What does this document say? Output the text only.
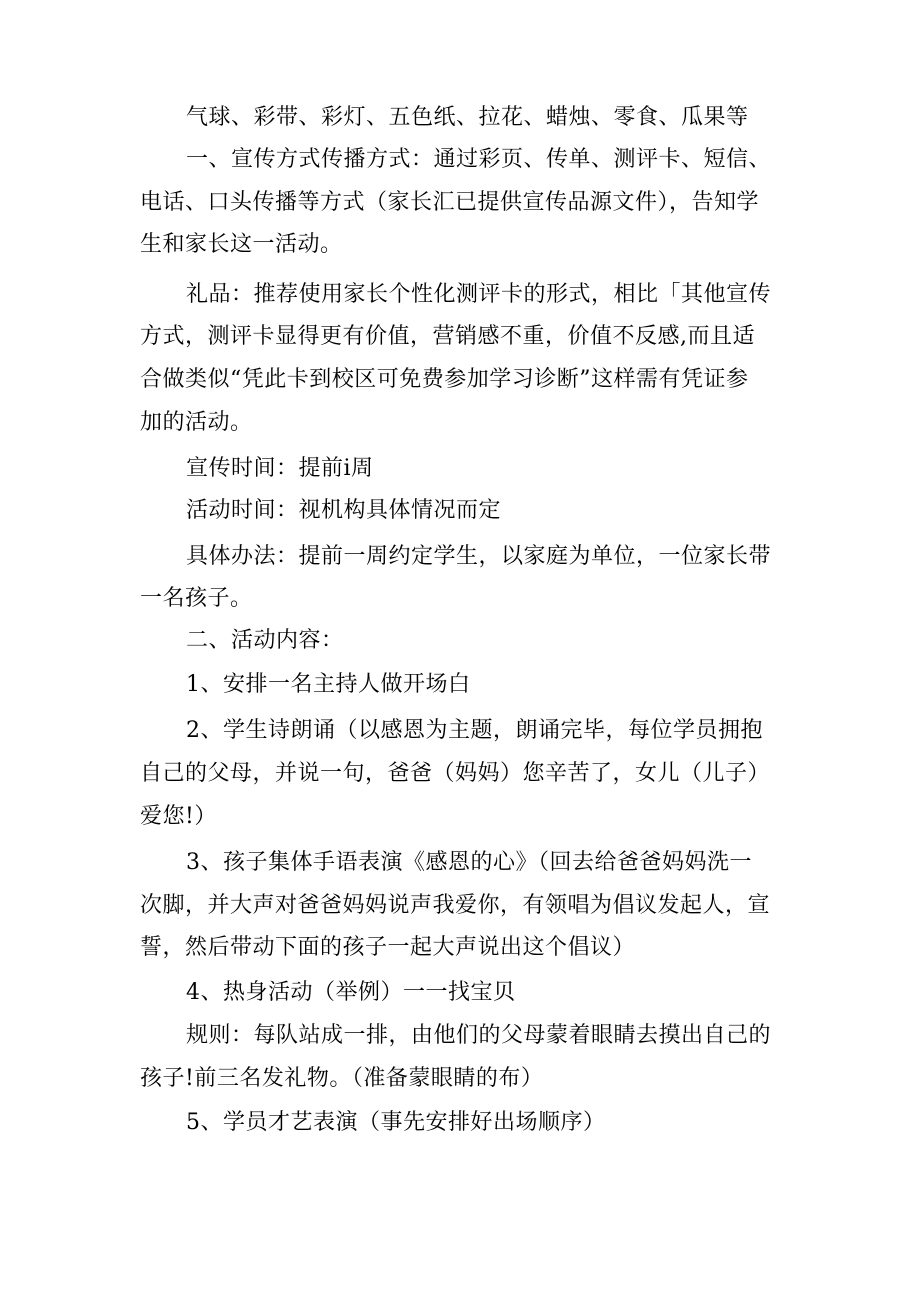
气球、彩带、彩灯、五色纸、拉花、蜡烛、零食、瓜果等
一、宣传方式传播方式：通过彩页、传单、测评卡、短信、
电话、口头传播等方式（家长汇已提供宣传品源文件），告知学
生和家长这一活动。
礼品：推荐使用家长个性化测评卡的形式，相比「其他宣传
方式，测评卡显得更有价值，营销感不重，价值不反感,而且适
合做类似“凭此卡到校区可免费参加学习诊断”这样需有凭证参
加的活动。
宣传时间：提前i周
活动时间：视机构具体情况而定
具体办法：提前一周约定学生，以家庭为单位，一位家长带
一名孩子。
二、活动内容：
1、安排一名主持人做开场白
2、学生诗朗诵（以感恩为主题，朗诵完毕，每位学员拥抱
自己的父母，并说一句，爸爸（妈妈）您辛苦了，女儿（儿子）
爱您!）
3、孩子集体手语表演《感恩的心》（回去给爸爸妈妈洗一
次脚，并大声对爸爸妈妈说声我爱你，有领唱为倡议发起人，宣
誓，然后带动下面的孩子一起大声说出这个倡议）
4、热身活动（举例）一一找宝贝
规则：每队站成一排，由他们的父母蒙着眼睛去摸出自己的
孩子!前三名发礼物。（准备蒙眼睛的布）
5、学员才艺表演（事先安排好出场顺序）
